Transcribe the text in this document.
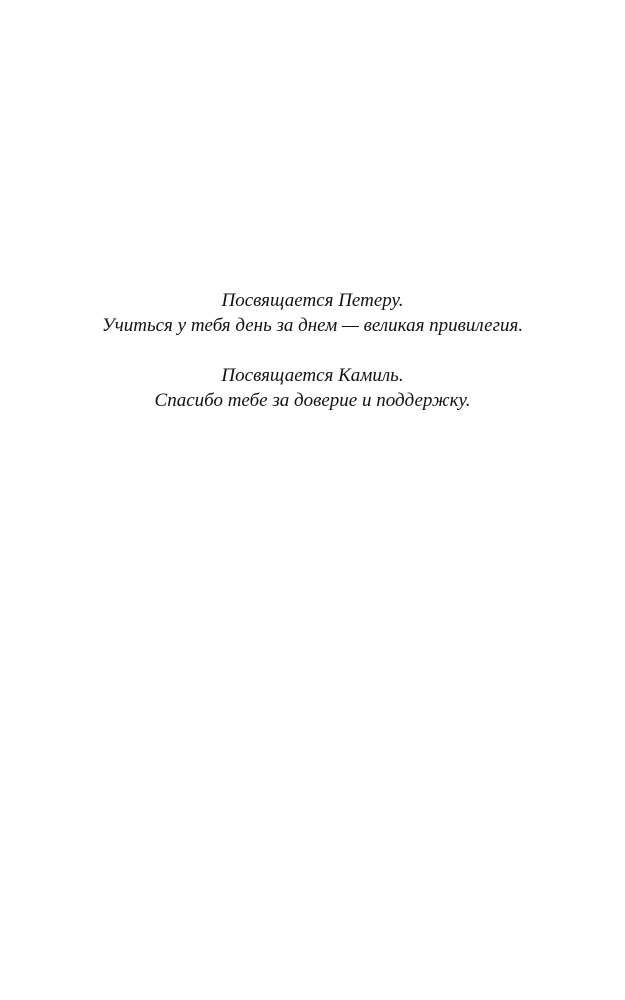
Посвящается Петеру.

Учиться у тебя день за днем — великая привилегия.

Посвящается Камиль.

Спасибо тебе за доверие и поддержку.
